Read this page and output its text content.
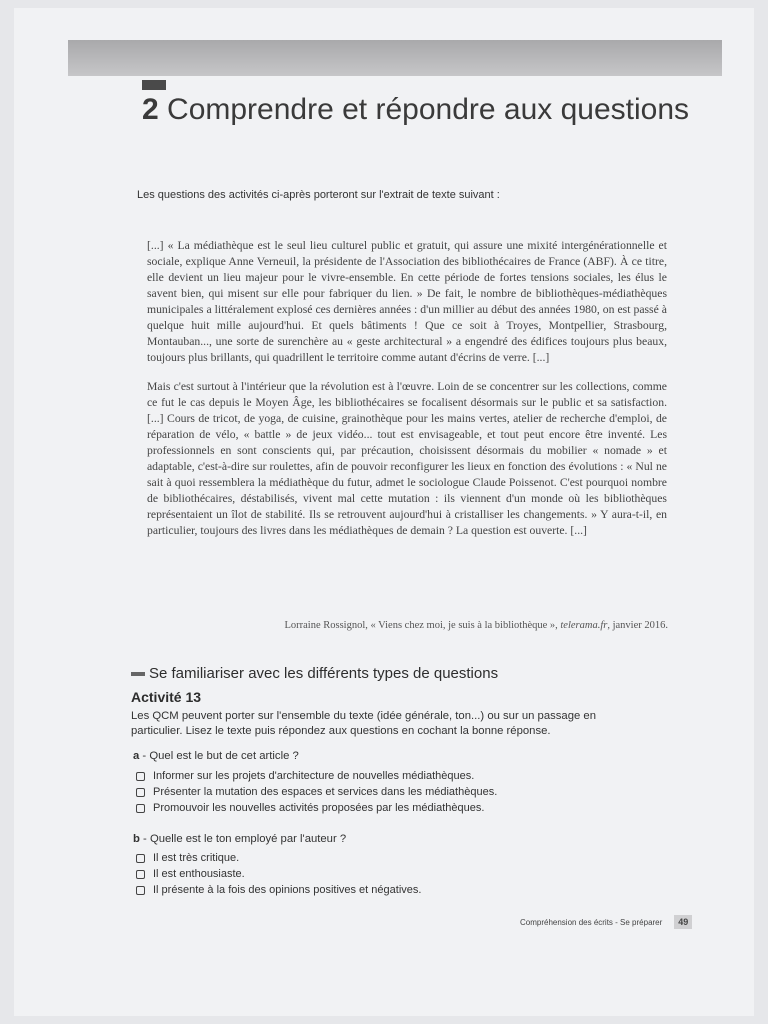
2 Comprendre et répondre aux questions

Les questions des activités ci-après porteront sur l'extrait de texte suivant :

[...] « La médiathèque est le seul lieu culturel public et gratuit, qui assure une mixité intergénérationnelle et sociale, explique Anne Verneuil, la présidente de l'Association des bibliothécaires de France (ABF). À ce titre, elle devient un lieu majeur pour le vivre-ensemble. En cette période de fortes tensions sociales, les élus le savent bien, qui misent sur elle pour fabriquer du lien. » De fait, le nombre de bibliothèques-médiathèques municipales a littéralement explosé ces dernières années : d'un millier au début des années 1980, on est passé à quelque huit mille aujourd'hui. Et quels bâtiments ! Que ce soit à Troyes, Montpellier, Strasbourg, Montauban..., une sorte de surenchère au « geste architectural » a engendré des édifices toujours plus beaux, toujours plus brillants, qui quadrillent le territoire comme autant d'écrins de verre. [...]

Mais c'est surtout à l'intérieur que la révolution est à l'œuvre. Loin de se concentrer sur les collections, comme ce fut le cas depuis le Moyen Âge, les bibliothécaires se focalisent désormais sur le public et sa satisfaction. [...] Cours de tricot, de yoga, de cuisine, grainothèque pour les mains vertes, atelier de recherche d'emploi, de réparation de vélo, « battle » de jeux vidéo... tout est envisageable, et tout peut encore être inventé. Les professionnels en sont conscients qui, par précaution, choisissent désormais du mobilier « nomade » et adaptable, c'est-à-dire sur roulettes, afin de pouvoir reconfigurer les lieux en fonction des évolutions : « Nul ne sait à quoi ressemblera la médiathèque du futur, admet le sociologue Claude Poissenot. C'est pourquoi nombre de bibliothécaires, déstabilisés, vivent mal cette mutation : ils viennent d'un monde où les bibliothèques représentaient un îlot de stabilité. Ils se retrouvent aujourd'hui à cristalliser les changements. » Y aura-t-il, en particulier, toujours des livres dans les médiathèques de demain ? La question est ouverte. [...]

Lorraine Rossignol, « Viens chez moi, je suis à la bibliothèque », telerama.fr, janvier 2016.
Se familiariser avec les différents types de questions
Activité 13

Les QCM peuvent porter sur l'ensemble du texte (idée générale, ton...) ou sur un passage en particulier. Lisez le texte puis répondez aux questions en cochant la bonne réponse.

a - Quel est le but de cet article ?

Informer sur les projets d'architecture de nouvelles médiathèques.
Présenter la mutation des espaces et services dans les médiathèques.
Promouvoir les nouvelles activités proposées par les médiathèques.

b - Quelle est le ton employé par l'auteur ?

Il est très critique.
Il est enthousiaste.
Il présente à la fois des opinions positives et négatives.
Compréhension des écrits - Se préparer	49
